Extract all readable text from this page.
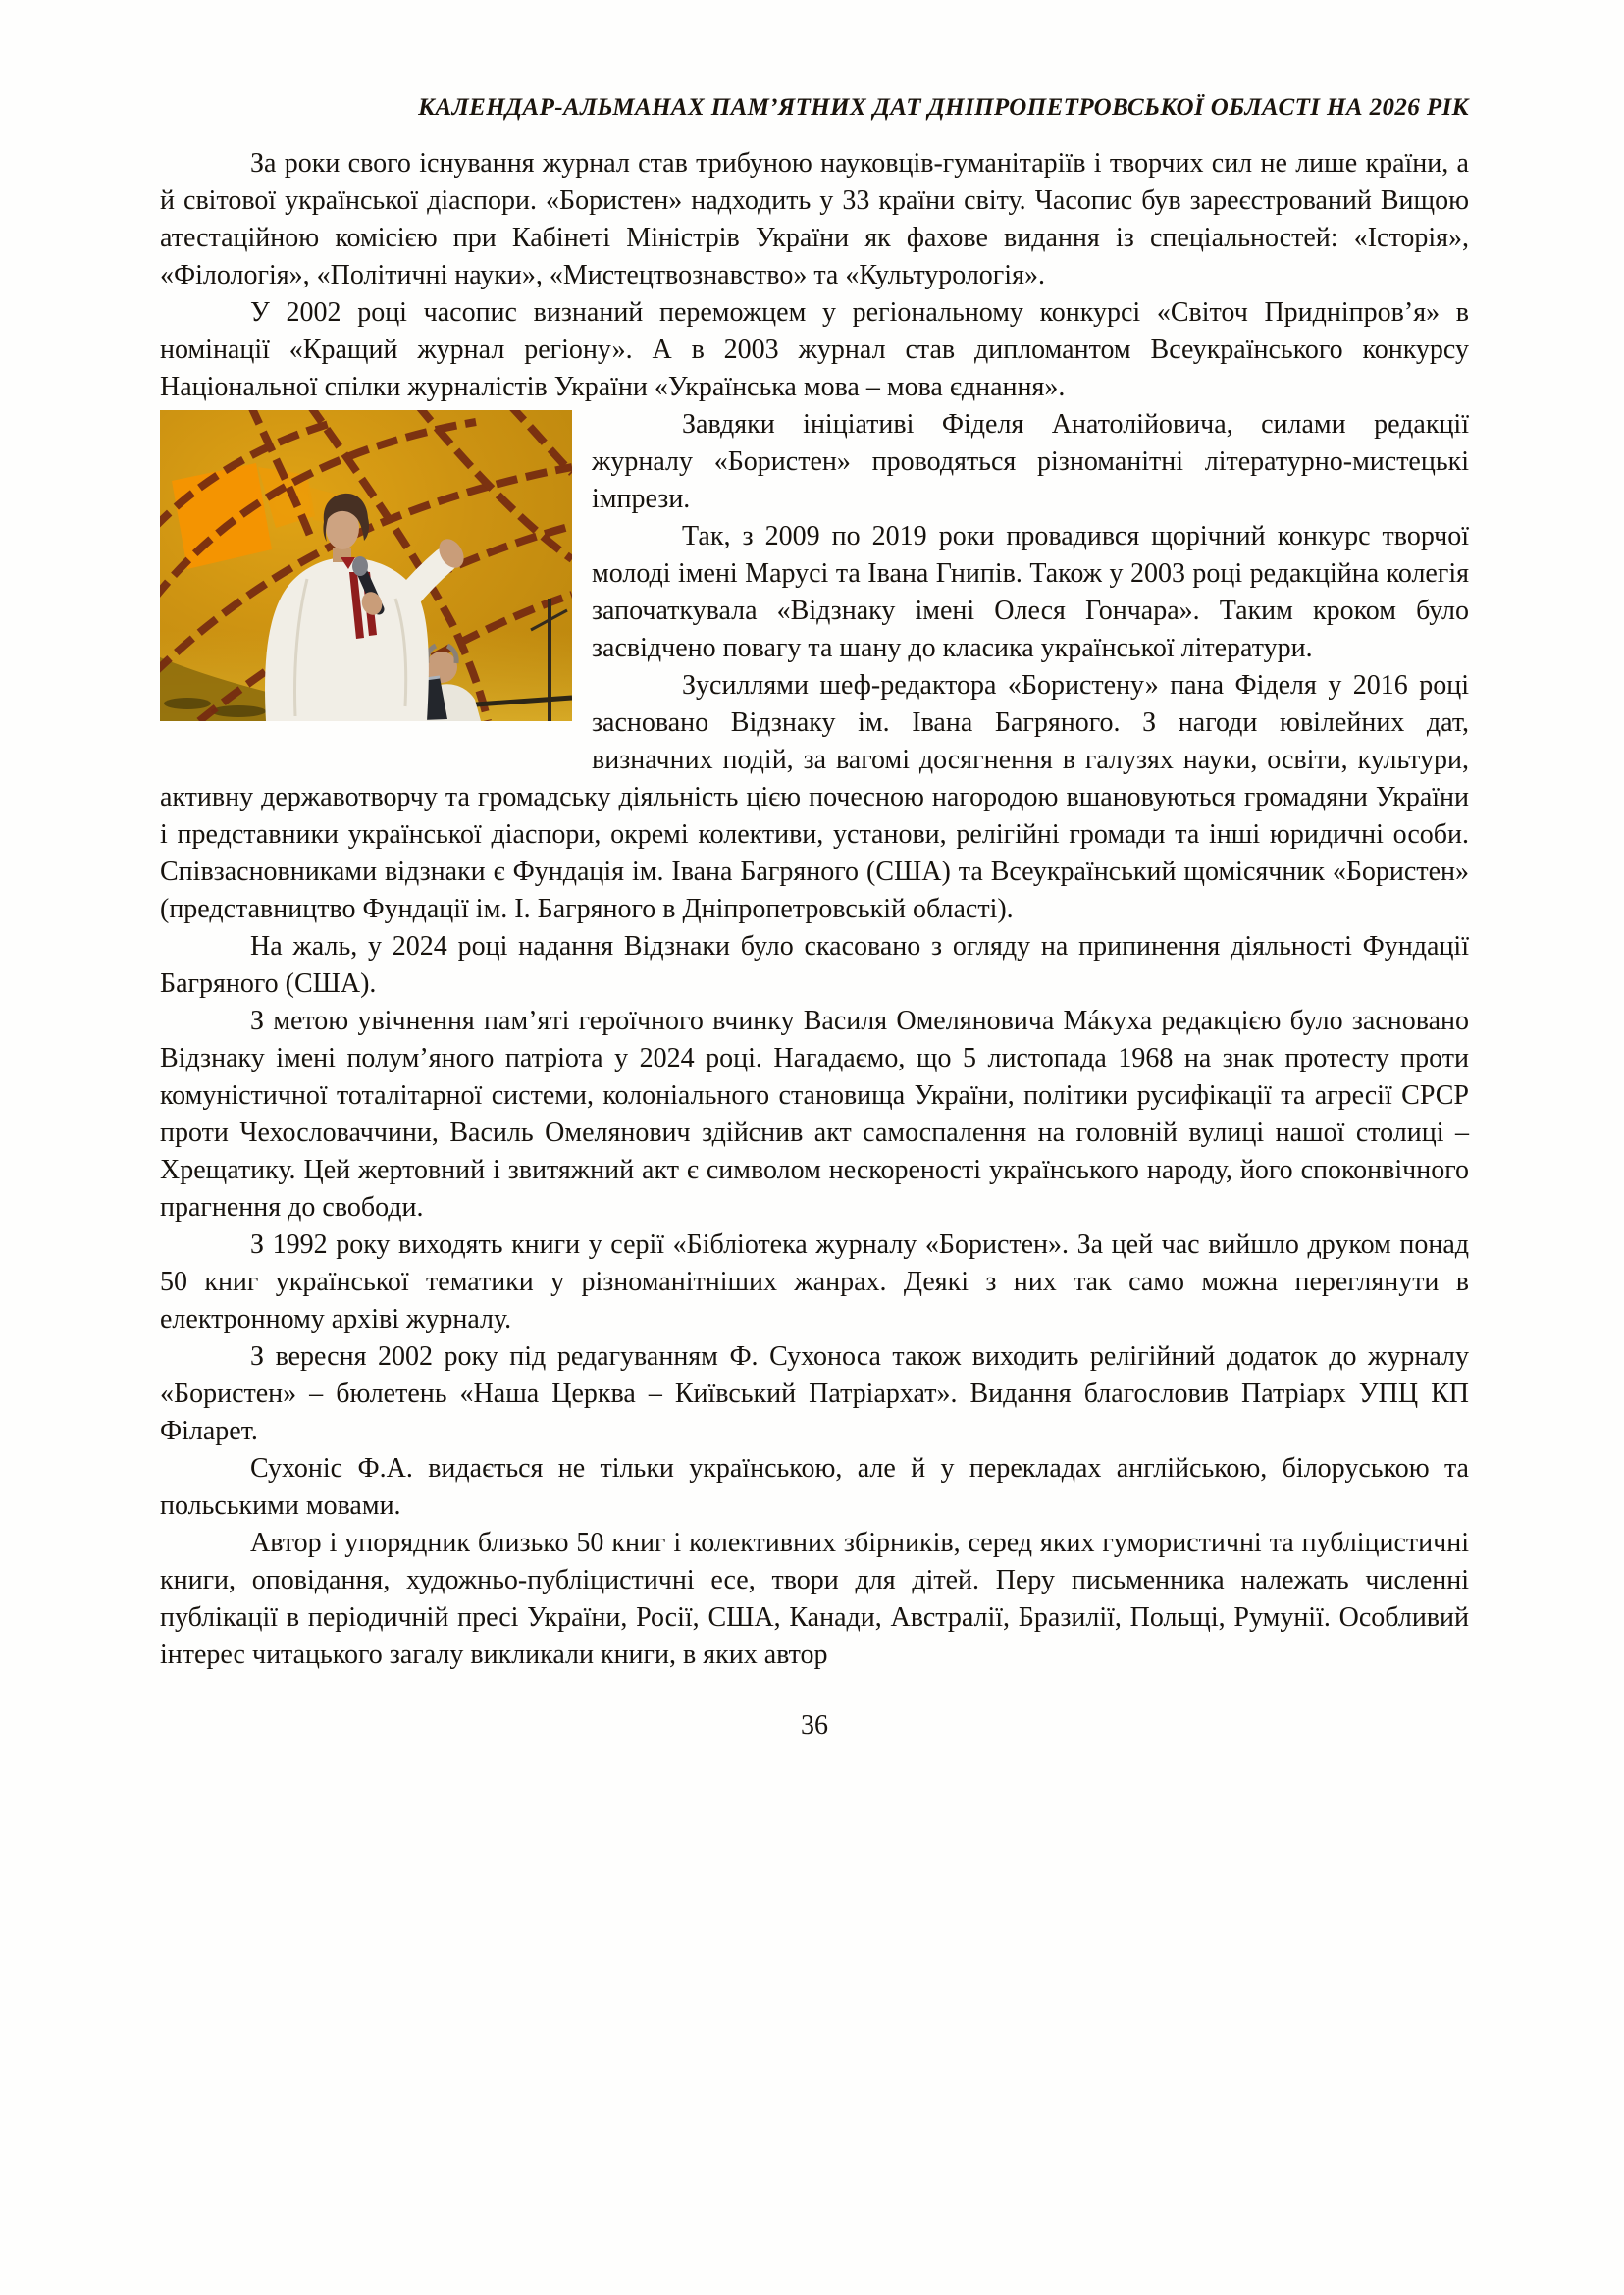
КАЛЕНДАР-АЛЬМАНАХ ПАМ’ЯТНИХ ДАТ ДНІПРОПЕТРОВСЬКОЇ ОБЛАСТІ НА 2026 РІК

За роки свого існування журнал став трибуною науковців-гуманітаріїв і творчих сил не лише країни, а й світової української діаспори. «Бористен» надходить у 33 країни світу. Часопис був зареєстрований Вищою атестаційною комісією при Кабінеті Міністрів України як фахове видання із спеціальностей: «Історія», «Філологія», «Політичні науки», «Мистецтвознавство» та «Культурологія».

У 2002 році часопис визнаний переможцем у регіональному конкурсі «Світоч Придніпров’я» в номінації «Кращий журнал регіону». А в 2003 журнал став дипломантом Всеукраїнського конкурсу Національної спілки журналістів України «Українська мова – мова єднання».

Завдяки ініціативі Фіделя Анатолійовича, силами редакції журналу «Бористен» проводяться різноманітні літературно-мистецькі імпрези.

Так, з 2009 по 2019 роки провадився щорічний конкурс творчої молоді імені Марусі та Івана Гнипів. Також у 2003 році редакційна колегія започаткувала «Відзнаку імені Олеся Гончара». Таким кроком було засвідчено повагу та шану до класика української літератури.

Зусиллями шеф-редактора «Бористену» пана Фіделя у 2016 році засновано Відзнаку ім. Івана Багряного. З нагоди ювілейних дат, визначних подій, за вагомі досягнення в галузях науки, освіти, культури, активну державотворчу та громадську діяльність цією почесною нагородою вшановуються громадяни України і представники української діаспори, окремі колективи, установи, релігійні громади та інші юридичні особи. Співзасновниками відзнаки є Фундація ім. Івана Багряного (США) та Всеукраїнський щомісячник «Бористен» (представництво Фундації ім. І. Багряного в Дніпропетровській області).

На жаль, у 2024 році надання Відзнаки було скасовано з огляду на припинення діяльності Фундації Багряного (США).

З метою увічнення пам’яті героїчного вчинку Василя Омеляновича Мáкуха редакцією було засновано Відзнаку імені полум’яного патріота у 2024 році. Нагадаємо, що 5 листопада 1968 на знак протесту проти комуністичної тоталітарної системи, колоніального становища України, політики русифікації та агресії СРСР проти Чехословаччини, Василь Омелянович здійснив акт самоспалення на головній вулиці нашої столиці – Хрещатику. Цей жертовний і звитяжний акт є символом нескореності українського народу, його споконвічного прагнення до свободи.

З 1992 року виходять книги у серії «Бібліотека журналу «Бористен». За цей час вийшло друком понад 50 книг української тематики у різноманітніших жанрах. Деякі з них так само можна переглянути в електронному архіві журналу.

З вересня 2002 року під редагуванням Ф. Сухоноса також виходить релігійний додаток до журналу «Бористен» – бюлетень «Наша Церква – Київський Патріархат». Видання благословив Патріарх УПЦ КП Філарет.

Сухоніс Ф.А. видається не тільки українською, але й у перекладах англійською, білоруською та польськими мовами.

Автор і упорядник близько 50 книг і колективних збірників, серед яких гумористичні та публіцистичні книги, оповідання, художньо-публіцистичні есе, твори для дітей. Перу письменника належать численні публікації в періодичній пресі України, Росії, США, Канади, Австралії, Бразилії, Польщі, Румунії. Особливий інтерес читацького загалу викликали книги, в яких автор

36
